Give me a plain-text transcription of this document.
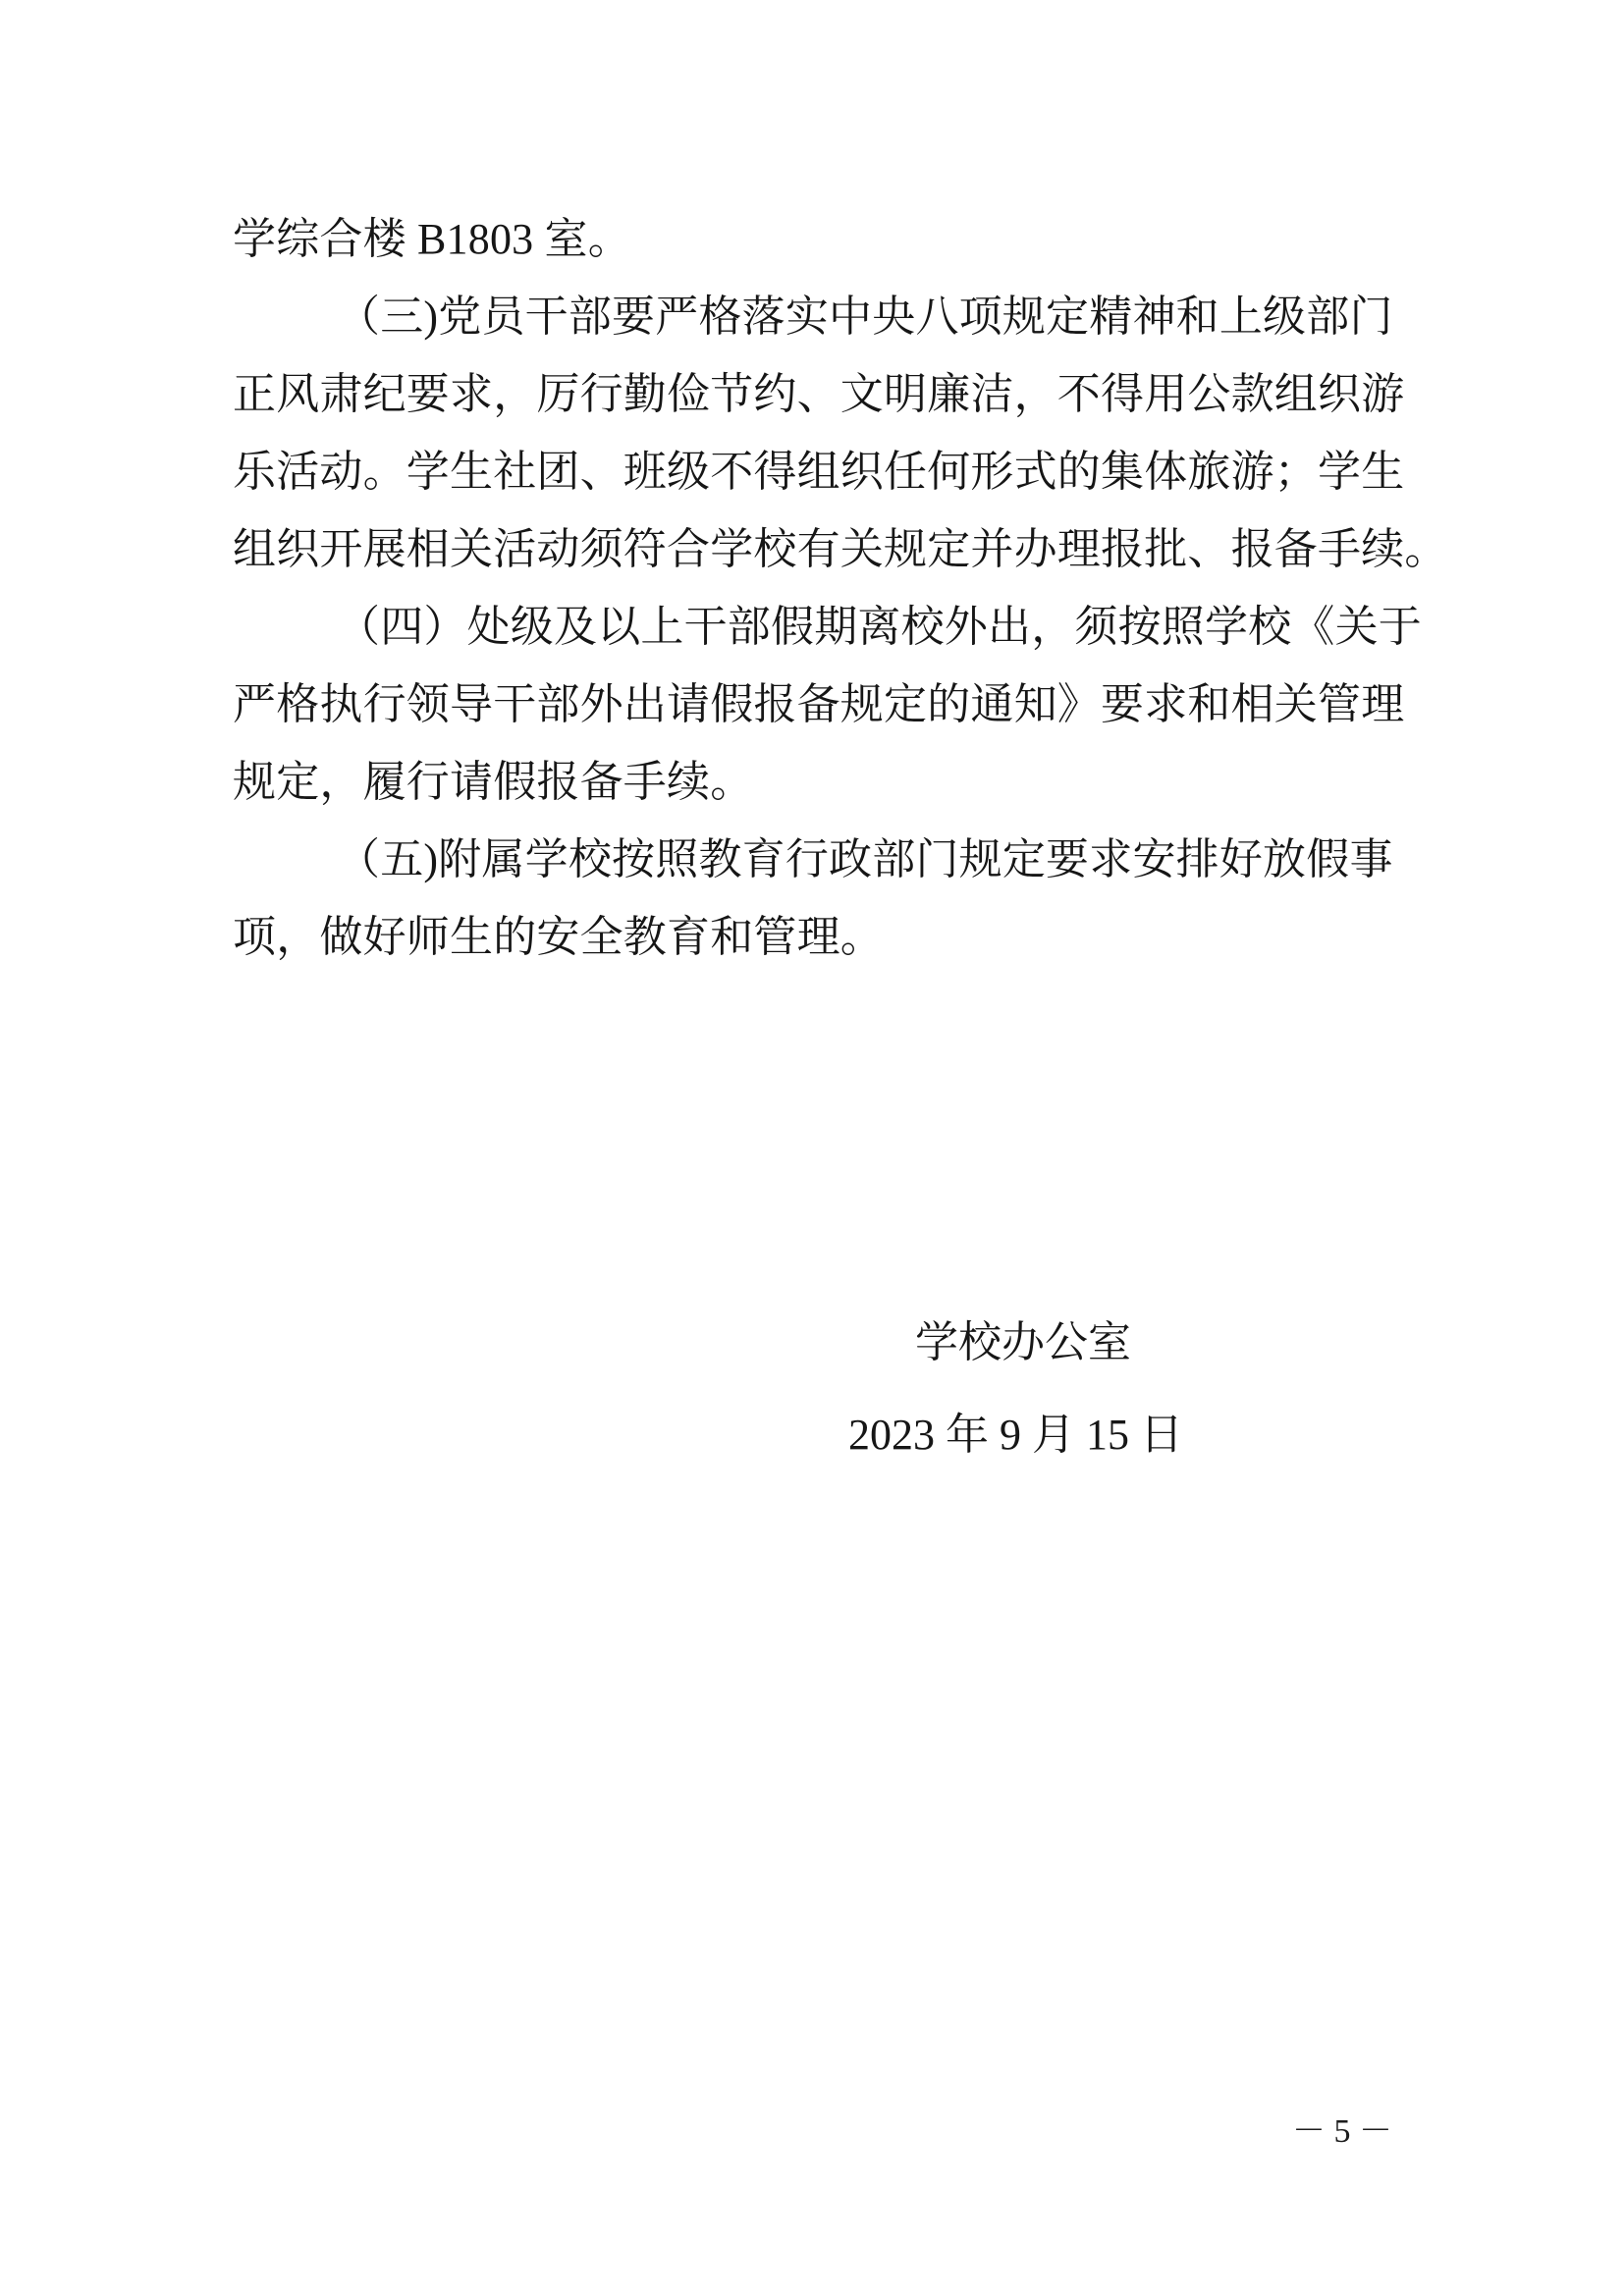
学综合楼 B1803 室。
（三)党员干部要严格落实中央八项规定精神和上级部门
正风肃纪要求，厉行勤俭节约、文明廉洁，不得用公款组织游
乐活动。学生社团、班级不得组织任何形式的集体旅游；学生
组织开展相关活动须符合学校有关规定并办理报批、报备手续。
（四）处级及以上干部假期离校外出，须按照学校《关于
严格执行领导干部外出请假报备规定的通知》要求和相关管理
规定，履行请假报备手续。
（五)附属学校按照教育行政部门规定要求安排好放假事
项，做好师生的安全教育和管理。
学校办公室
2023 年 9 月 15 日
－ 5 －
